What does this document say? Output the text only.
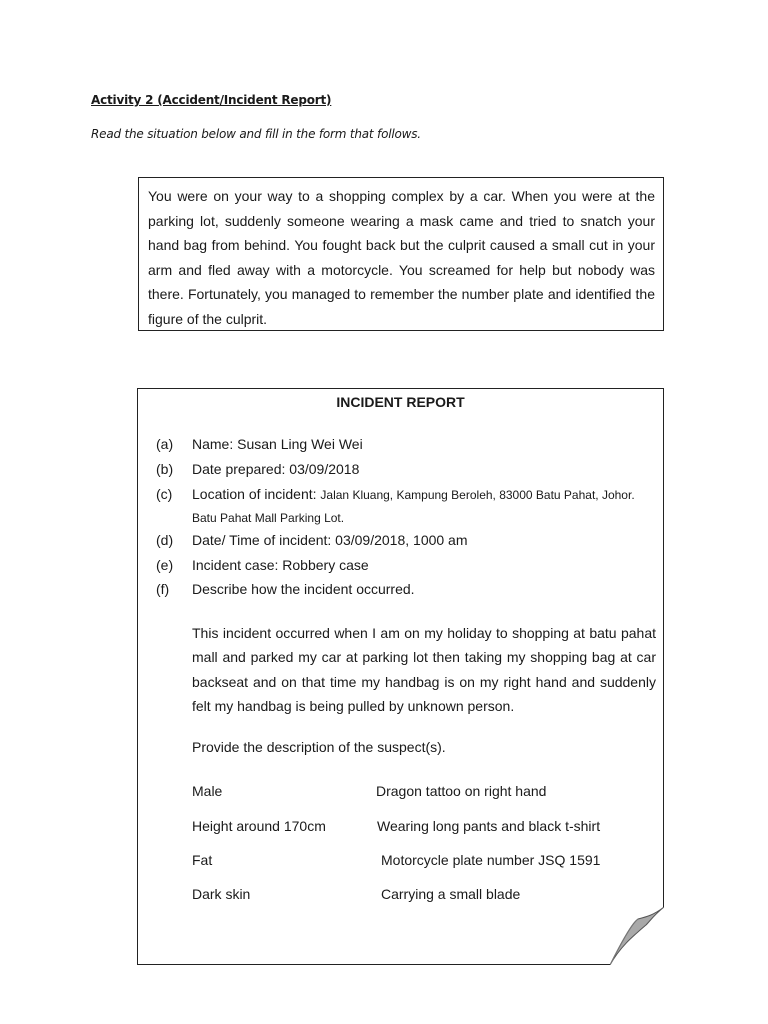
Activity 2 (Accident/Incident Report)
Read the situation below and fill in the form that follows.
You were on your way to a shopping complex by a car. When you were at the parking lot, suddenly someone wearing a mask came and tried to snatch your hand bag from behind. You fought back but the culprit caused a small cut in your arm and fled away with a motorcycle. You screamed for help but nobody was there. Fortunately, you managed to remember the number plate and identified the figure of the culprit.
INCIDENT REPORT
(a) Name: Susan Ling Wei Wei
(b) Date prepared: 03/09/2018
(c) Location of incident: Jalan Kluang, Kampung Beroleh, 83000 Batu Pahat, Johor.
Batu Pahat Mall Parking Lot.
(d) Date/ Time of incident: 03/09/2018, 1000 am
(e) Incident case: Robbery case
(f) Describe how the incident occurred.
This incident occurred when I am on my holiday to shopping at batu pahat mall and parked my car at parking lot then taking my shopping bag at car backseat and on that time my handbag is on my right hand and suddenly felt my handbag is being pulled by unknown person.
Provide the description of the suspect(s).
Male
Height around 170cm
Fat
Dark skin
Dragon tattoo on right hand
Wearing long pants and black t-shirt
Motorcycle plate number JSQ 1591
Carrying a small blade
